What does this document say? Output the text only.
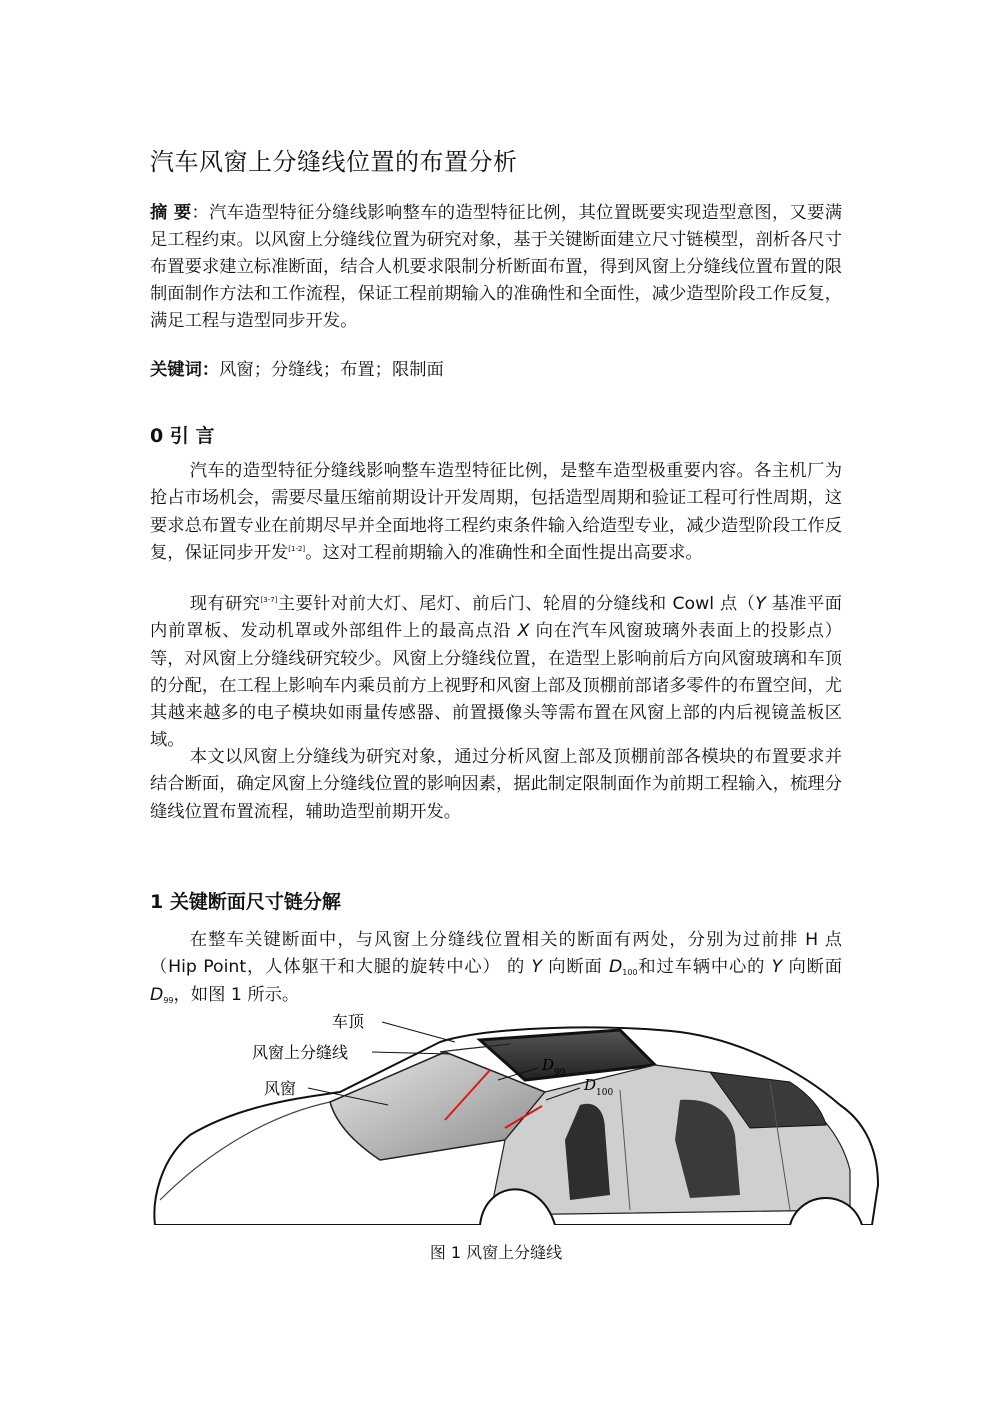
汽车风窗上分缝线位置的布置分析

摘 要：汽车造型特征分缝线影响整车的造型特征比例，其位置既要实现造型意图，又要满足工程约束。以风窗上分缝线位置为研究对象，基于关键断面建立尺寸链模型，剖析各尺寸布置要求建立标准断面，结合人机要求限制分析断面布置，得到风窗上分缝线位置布置的限制面制作方法和工作流程，保证工程前期输入的准确性和全面性，减少造型阶段工作反复，满足工程与造型同步开发。

关键词：风窗；分缝线；布置；限制面

0 引 言

汽车的造型特征分缝线影响整车造型特征比例，是整车造型极重要内容。各主机厂为抢占市场机会，需要尽量压缩前期设计开发周期，包括造型周期和验证工程可行性周期，这要求总布置专业在前期尽早并全面地将工程约束条件输入给造型专业，减少造型阶段工作反复，保证同步开发[1-2]。这对工程前期输入的准确性和全面性提出高要求。

现有研究[3-7]主要针对前大灯、尾灯、前后门、轮眉的分缝线和 Cowl 点（Y 基准平面内前罩板、发动机罩或外部组件上的最高点沿 X 向在汽车风窗玻璃外表面上的投影点） 等，对风窗上分缝线研究较少。风窗上分缝线位置，在造型上影响前后方向风窗玻璃和车顶的分配，在工程上影响车内乘员前方上视野和风窗上部及顶棚前部诸多零件的布置空间，尤其越来越多的电子模块如雨量传感器、前置摄像头等需布置在风窗上部的内后视镜盖板区域。

本文以风窗上分缝线为研究对象，通过分析风窗上部及顶棚前部各模块的布置要求并结合断面，确定风窗上分缝线位置的影响因素，据此制定限制面作为前期工程输入，梳理分缝线位置布置流程，辅助造型前期开发。

1 关键断面尺寸链分解

在整车关键断面中，与风窗上分缝线位置相关的断面有两处，分别为过前排 H 点（Hip Point，人体躯干和大腿的旋转中心） 的 Y 向断面 $D_{100}$和过车辆中心的 Y 向断面 $D_{99}$，如图 1 所示。

图 1 风窗上分缝线

车顶
风窗上分缝线
风窗
$D_{99}$
$D_{100}$
